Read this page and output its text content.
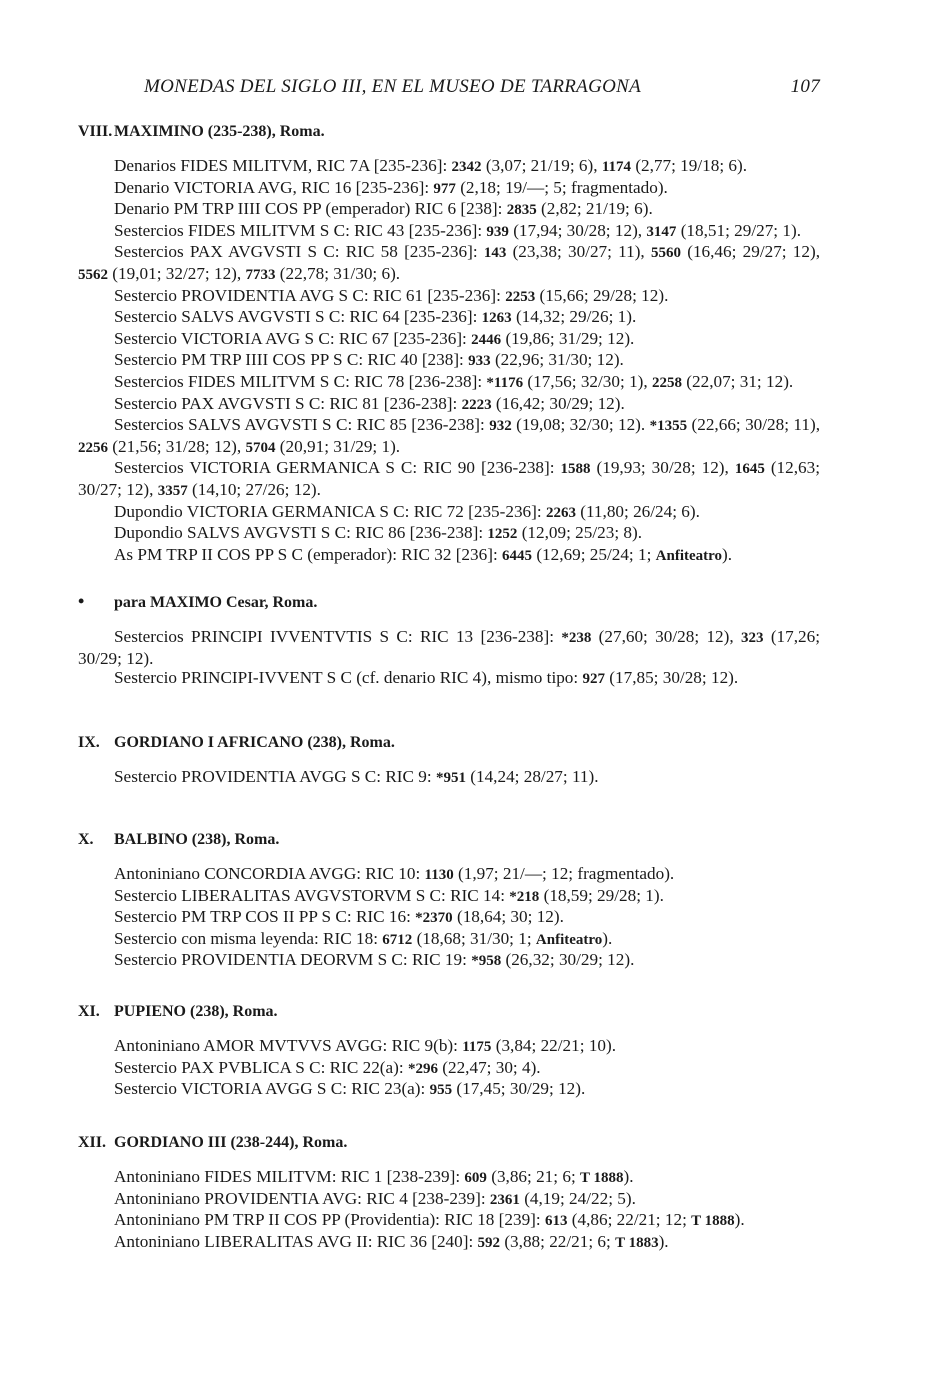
MONEDAS DEL SIGLO III, EN EL MUSEO DE TARRAGONA	107

VIII. MAXIMINO (235-238), Roma.

Denarios FIDES MILITVM, RIC 7A [235-236]: 2342 (3,07; 21/19; 6), 1174 (2,77; 19/18; 6).

Denario VICTORIA AVG, RIC 16 [235-236]: 977 (2,18; 19/—; 5; fragmentado).

Denario PM TRP IIII COS PP (emperador) RIC 6 [238]: 2835 (2,82; 21/19; 6).

Sestercios FIDES MILITVM S C: RIC 43 [235-236]: 939 (17,94; 30/28; 12), 3147 (18,51; 29/27; 1).

Sestercios PAX AVGVSTI S C: RIC 58 [235-236]: 143 (23,38; 30/27; 11), 5560 (16,46; 29/27; 12), 5562 (19,01; 32/27; 12), 7733 (22,78; 31/30; 6).

Sestercio PROVIDENTIA AVG S C: RIC 61 [235-236]: 2253 (15,66; 29/28; 12).

Sestercio SALVS AVGVSTI S C: RIC 64 [235-236]: 1263 (14,32; 29/26; 1).

Sestercio VICTORIA AVG S C: RIC 67 [235-236]: 2446 (19,86; 31/29; 12).

Sestercio PM TRP IIII COS PP S C: RIC 40 [238]: 933 (22,96; 31/30; 12).

Sestercios FIDES MILITVM S C: RIC 78 [236-238]: *1176 (17,56; 32/30; 1), 2258 (22,07; 31; 12).

Sestercio PAX AVGVSTI S C: RIC 81 [236-238]: 2223 (16,42; 30/29; 12).

Sestercios SALVS AVGVSTI S C: RIC 85 [236-238]: 932 (19,08; 32/30; 12). *1355 (22,66; 30/28; 11), 2256 (21,56; 31/28; 12), 5704 (20,91; 31/29; 1).

Sestercios VICTORIA GERMANICA S C: RIC 90 [236-238]: 1588 (19,93; 30/28; 12), 1645 (12,63; 30/27; 12), 3357 (14,10; 27/26; 12).

Dupondio VICTORIA GERMANICA S C: RIC 72 [235-236]: 2263 (11,80; 26/24; 6).

Dupondio SALVS AVGVSTI S C: RIC 86 [236-238]: 1252 (12,09; 25/23; 8).

As PM TRP II COS PP S C (emperador): RIC 32 [236]: 6445 (12,69; 25/24; 1; Anfiteatro).

• para MAXIMO Cesar, Roma.

Sestercios PRINCIPI IVVENTVTIS S C: RIC 13 [236-238]: *238 (27,60; 30/28; 12), 323 (17,26; 30/29; 12).

Sestercio PRINCIPI-IVVENT S C (cf. denario RIC 4), mismo tipo: 927 (17,85; 30/28; 12).

IX. GORDIANO I AFRICANO (238), Roma.

Sestercio PROVIDENTIA AVGG S C: RIC 9: *951 (14,24; 28/27; 11).

X. BALBINO (238), Roma.

Antoniniano CONCORDIA AVGG: RIC 10: 1130 (1,97; 21/—; 12; fragmentado).

Sestercio LIBERALITAS AVGVSTORVM S C: RIC 14: *218 (18,59; 29/28; 1).

Sestercio PM TRP COS II PP S C: RIC 16: *2370 (18,64; 30; 12).

Sestercio con misma leyenda: RIC 18: 6712 (18,68; 31/30; 1; Anfiteatro).

Sestercio PROVIDENTIA DEORVM S C: RIC 19: *958 (26,32; 30/29; 12).

XI. PUPIENO (238), Roma.

Antoniniano AMOR MVTVVS AVGG: RIC 9(b): 1175 (3,84; 22/21; 10).

Sestercio PAX PVBLICA S C: RIC 22(a): *296 (22,47; 30; 4).

Sestercio VICTORIA AVGG S C: RIC 23(a): 955 (17,45; 30/29; 12).

XII. GORDIANO III (238-244), Roma.

Antoniniano FIDES MILITVM: RIC 1 [238-239]: 609 (3,86; 21; 6; T 1888).

Antoniniano PROVIDENTIA AVG: RIC 4 [238-239]: 2361 (4,19; 24/22; 5).

Antoniniano PM TRP II COS PP (Providentia): RIC 18 [239]: 613 (4,86; 22/21; 12; T 1888).

Antoniniano LIBERALITAS AVG II: RIC 36 [240]: 592 (3,88; 22/21; 6; T 1883).
